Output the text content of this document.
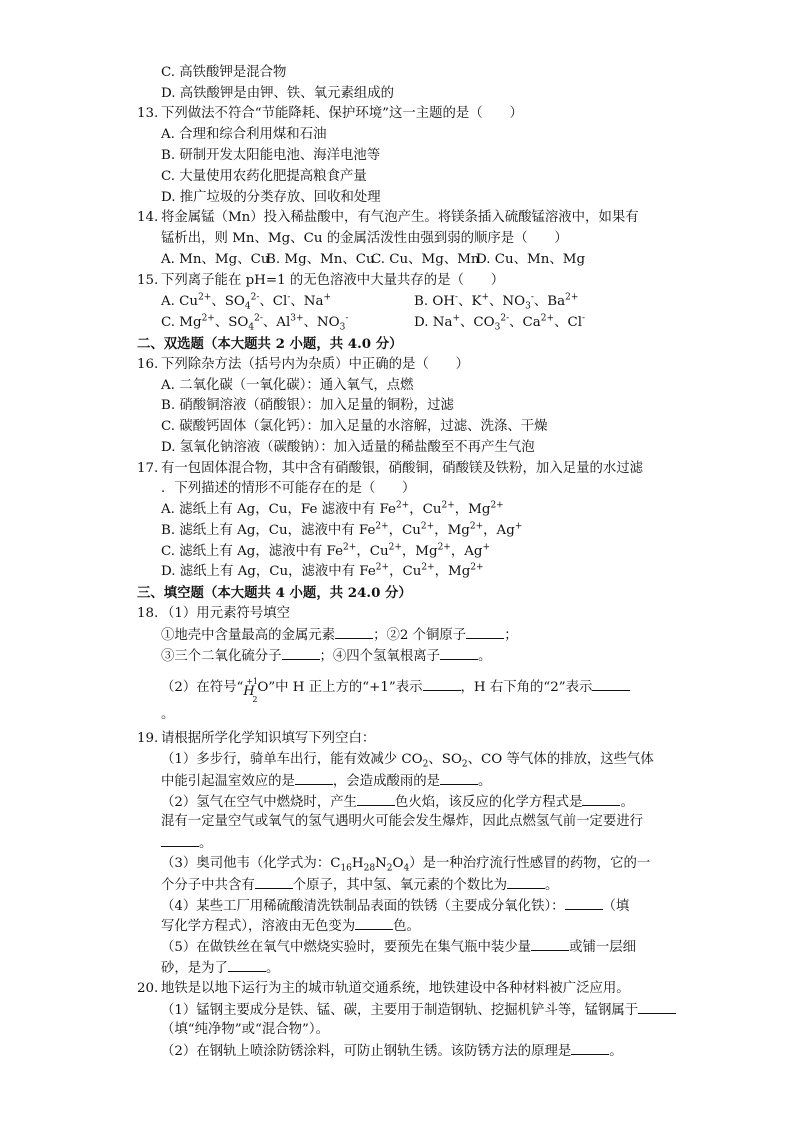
C. 高铁酸钾是混合物
D. 高铁酸钾是由钾、铁、氧元素组成的
13. 下列做法不符合“节能降耗、保护环境”这一主题的是（　　）
A. 合理和综合利用煤和石油
B. 研制开发太阳能电池、海洋电池等
C. 大量使用农药化肥提高粮食产量
D. 推广垃圾的分类存放、回收和处理
14. 将金属锰（Mn）投入稀盐酸中，有气泡产生。将镁条插入硫酸锰溶液中，如果有
锰析出，则 Mn、Mg、Cu 的金属活泼性由强到弱的顺序是（　　）
A. Mn、Mg、CuB. Mg、Mn、CuC. Cu、Mg、MnD. Cu、Mn、Mg
15. 下列离子能在 pH=1 的无色溶液中大量共存的是（　　）
A. $Cu^{2+}$、$SO_4^{2-}$、Cl-、Na+	B. OH-、K+、$NO_3^-$、$Ba^{2+}$
C. $Mg^{2+}$、$SO_4^{2-}$、$Al^{3+}$、$NO_3^-$	D. Na+、$CO_3^{2-}$、$Ca^{2+}$、Cl-
二、双选题（本大题共 2 小题，共 4.0 分）
16. 下列除杂方法（括号内为杂质）中正确的是（　　）
A. 二氧化碳（一氧化碳）：通入氧气，点燃
B. 硝酸铜溶液（硝酸银）：加入足量的铜粉，过滤
C. 碳酸钙固体（氯化钙）：加入足量的水溶解，过滤、洗涤、干燥
D. 氢氧化钠溶液（碳酸钠）：加入适量的稀盐酸至不再产生气泡
17. 有一包固体混合物，其中含有硝酸银，硝酸铜，硝酸镁及铁粉，加入足量的水过滤
．下列描述的情形不可能存在的是（　　）
A. 滤纸上有 Ag，Cu，Fe 滤液中有 $Fe^{2+}$，$Cu^{2+}$，$Mg^{2+}$
B. 滤纸上有 Ag，Cu，滤液中有 $Fe^{2+}$，$Cu^{2+}$，$Mg^{2+}$，Ag+
C. 滤纸上有 Ag，滤液中有 $Fe^{2+}$，$Cu^{2+}$，$Mg^{2+}$，Ag+
D. 滤纸上有 Ag，Cu，滤液中有 $Fe^{2+}$，$Cu^{2+}$，$Mg^{2+}$
三、填空题（本大题共 4 小题，共 24.0 分）
18. （1）用元素符号填空
①地壳中含量最高的金属元素	；②2 个铜原子	；
③三个二氧化硫分子	；④四个氢氧根离子	。
（2）在符号“ +1
H
2
O”中 H 正上方的“+1”表示	，H 右下角的“2”表示
。
19. 请根据所学化学知识填写下列空白：
（1）多步行，骑单车出行，能有效减少 $CO_2$、$SO_2$、CO 等气体的排放，这些气体
中能引起温室效应的是	，会造成酸雨的是	。
（2）氢气在空气中燃烧时，产生	色火焰，该反应的化学方程式是	。
混有一定量空气或氧气的氢气遇明火可能会发生爆炸，因此点燃氢气前一定要进行
。
（3）奥司他韦（化学式为：$C_{16}H_{28}N_2O_4$）是一种治疗流行性感冒的药物，它的一
个分子中共含有	个原子，其中氢、氧元素的个数比为	。
（4）某些工厂用稀硫酸清洗铁制品表面的铁锈（主要成分氧化铁）：	（填
写化学方程式），溶液由无色变为	色。
（5）在做铁丝在氧气中燃烧实验时，要预先在集气瓶中装少量	或铺一层细
砂，是为了	。
20. 地铁是以地下运行为主的城市轨道交通系统，地铁建设中各种材料被广泛应用。
（1）锰钢主要成分是铁、锰、碳，主要用于制造钢轨、挖掘机铲斗等，锰钢属于
（填“纯净物”或“混合物”）。
（2）在钢轨上喷涂防锈涂料，可防止钢轨生锈。该防锈方法的原理是	。
